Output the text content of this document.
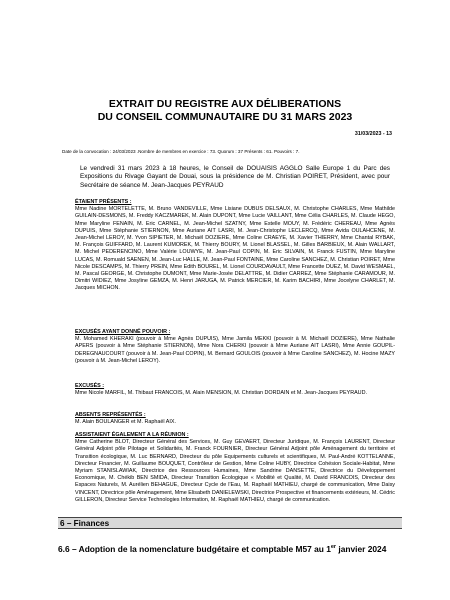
EXTRAIT DU REGISTRE AUX DÉLIBERATIONS
DU CONSEIL COMMUNAUTAIRE DU 31 MARS 2023
31/03/2023 - 13
Date de la convocation : 24/03/2023 .Nombre de membres en exercice : 73. Quorum : 37 Présents : 61. Pouvoirs : 7.
Le vendredi 31 mars 2023 à 18 heures, le Conseil de DOUAISIS AGGLO Salle Europe 1 du Parc des Expositions du Rivage Gayant de Douai, sous la présidence de M. Christian POIRET, Président, avec pour Secrétaire de séance M. Jean-Jacques PEYRAUD

ÉTAIENT PRÉSENTS :

Mme Nadine MORTELETTE, M. Bruno VANDEVILLE, Mme Lisiane DUBUS DELSAUX, M. Christophe CHARLES, Mme Mathilde GUILAIN-DESMONS, M. Freddy KACZMAREK, M. Alain DUPONT, Mme Lucie VAILLANT, Mme Célia CHARLES, M. Claude HEGO, Mme Maryline FENAIN, M. Eric CARNEL, M. Jean-Michel SZATNY, Mme Estelle MOUY, M. Frédéric CHEREAU, Mme Agnès DUPUIS, Mme Stéphanie STIERNON, Mme Auriane AIT LASRI, M. Jean-Christophe LECLERCQ, Mme Avida OULAHCENE, M. Jean-Michel LEROY, M. Yvon SIPIETER, M. Michaël DOZIERE, Mme Coline CRAEYE, M. Xavier THIERRY, Mme Chantal RYBAK, M. François GUIFFARD, M. Laurent KUMOREK, M. Thierry BOURY, M. Lionel BLASSEL, M. Gilles BARBIEUX, M. Alain WALLART, M. Michel PEDERENCINO, Mme Valérie LOUWYE, M. Jean-Paul COPIN, M. Eric SILVAIN, M. Franck FUSTIN, Mme Maryline LUCAS, M. Romuald SAENEN, M. Jean-Luc HALLE, M. Jean-Paul FONTAINE, Mme Caroline SANCHEZ, M. Christian POIRET, Mme Nicole DESCAMPS, M. Thierry PREIN, Mme Edith BOUREL, M. Lionel COURDAVAULT, Mme Francette DUEZ, M. David WESMAEL, M. Pascal GEORGE, M. Christophe DUMONT, Mme Marie-Josée DELATTRE, M. Didier CARREZ, Mme Stéphanie CARAMOUR, M. Dimitri WIDIEZ, Mme Josyline GEMZA, M. Henri JARUGA, M. Patrick MERCIER, M. Karim BACHIRI, Mme Jocelyne CHARLET, M. Jacques MICHON.

EXCUSÉS AYANT DONNÉ POUVOIR :

M. Mohamed KHERAKI (pouvoir à Mme Agnès DUPUIS), Mme Jamila MEKKI (pouvoir à M. Michaël DOZIERE), Mme Nathalie APERS (pouvoir à Mme Stéphanie STIERNON), Mme Nora CHERKI (pouvoir à Mme Auriane AIT LASRI), Mme Annie GOUPIL-DEREGNAUCOURT (pouvoir à M. Jean-Paul COPIN), M. Bernard GOULOIS (pouvoir à Mme Caroline SANCHEZ), M. Hocine MAZY (pouvoir à M. Jean-Michel LEROY).

EXCUSÉS :

Mme Nicole MARFIL, M. Thibaut FRANCOIS, M. Alain MENSION, M. Christian DORDAIN et M. Jean-Jacques PEYRAUD.

ABSENTS REPRÉSENTÉS :

M. Alain BOULANGER et M. Raphaël AIX.

ASSISTAIENT ÉGALEMENT A LA RÉUNION :

Mme Catherine BLOT, Directeur Général des Services, M. Guy GEVAERT, Directeur Juridique, M. François LAURENT, Directeur Général Adjoint pôle Pilotage et Solidarités, M. Franck FOURNIER, Directeur Général Adjoint pôle Aménagement du territoire et Transition écologique, M. Luc BERNARD, Directeur du pôle Equipements culturels et scientifiques, M. Paul-André KOTTELANNE, Directeur Financier, M. Guillaume BOUQUET, Contrôleur de Gestion, Mme Coline HUBY, Directrice Cohésion Sociale-Habitat, Mme Myriam STANISLAWIAK, Directrice des Ressources Humaines, Mme Sandrine DANSETTE, Directrice du Développement Economique, M. Chékib BEN SMIDA, Directeur Transition Écologique « Mobilité et Qualité, M. David FRANCOIS, Directeur des Espaces Naturels, M. Aurélien BEHAGUE, Directeur Cycle de l'Eau, M. Raphaël MATHIEU, chargé de communication, Mme Daisy VINCENT, Directrice pôle Aménagement, Mme Elisabeth DANIELEWSKI, Directrice Prospective et financements extérieurs, M. Cédric GILLERON, Directeur Service Technologies Information, M. Raphaël MATHIEU, chargé de communication.

6 – Finances
6.6 – Adoption de la nomenclature budgétaire et comptable M57 au 1er janvier 2024
